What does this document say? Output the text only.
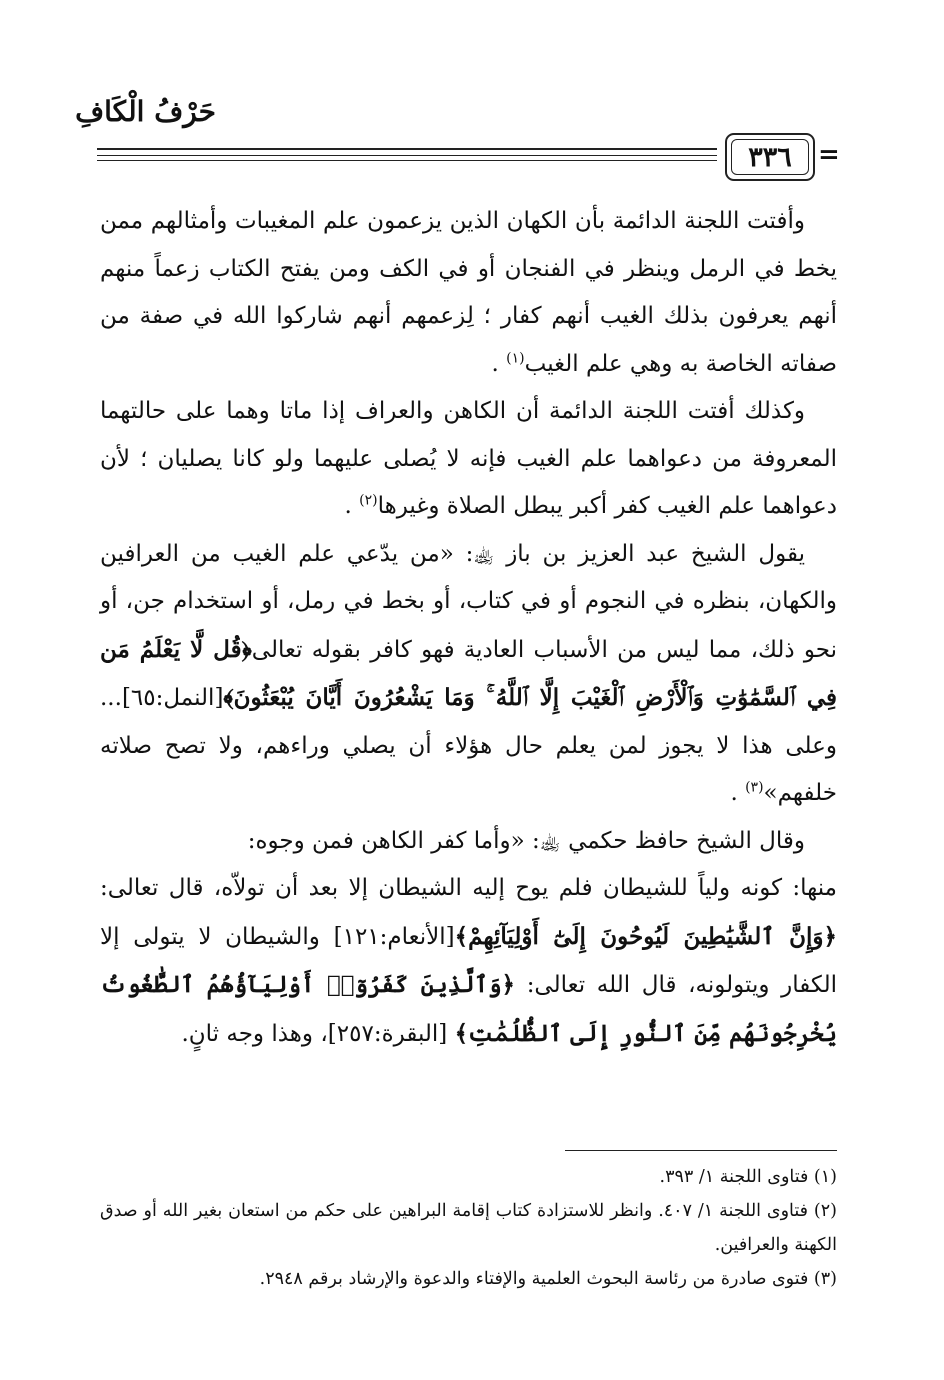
حَرْفُ الْكَافِ
٣٣٦ =

وأفتت اللجنة الدائمة بأن الكهان الذين يزعمون علم المغيبات وأمثالهم ممن يخط في الرمل وينظر في الفنجان أو في الكف ومن يفتح الكتاب زعماً منهم أنهم يعرفون بذلك الغيب أنهم كفار ؛ لِزعمهم أنهم شاركوا الله في صفة من صفاته الخاصة به وهي علم الغيب$^{(١)}$ .

وكذلك أفتت اللجنة الدائمة أن الكاهن والعراف إذا ماتا وهما على حالتهما المعروفة من دعواهما علم الغيب فإنه لا يُصلى عليهما ولو كانا يصليان ؛ لأن دعواهما علم الغيب كفر أكبر يبطل الصلاة وغيرها$^{(٢)}$ .

يقول الشيخ عبد العزيز بن باز ﵀: «من يدّعي علم الغيب من العرافين والكهان، بنظره في النجوم أو في كتاب، أو بخط في رمل، أو استخدام جن، أو نحو ذلك، مما ليس من الأسباب العادية فهو كافر بقوله تعالى﴿قُل لَّا يَعْلَمُ مَن فِي ٱلسَّمَٰوَٰتِ وَٱلْأَرْضِ ٱلْغَيْبَ إِلَّا ٱللَّهُ ۚ وَمَا يَشْعُرُونَ أَيَّانَ يُبْعَثُونَ﴾[النمل:٦٥]... وعلى هذا لا يجوز لمن يعلم حال هؤلاء أن يصلي وراءهم، ولا تصح صلاته خلفهم»$^{(٣)}$ .

وقال الشيخ حافظ حكمي ﵀: «وأما كفر الكاهن فمن وجوه:

منها: كونه ولياً للشيطان فلم يوح إليه الشيطان إلا بعد أن تولاّه، قال تعالى: ﴿وَإِنَّ ٱلشَّيَٰطِينَ لَيُوحُونَ إِلَىٰٓ أَوْلِيَآئِهِمْ﴾[الأنعام:١٢١] والشيطان لا يتولى إلا الكفار ويتولونه، قال الله تعالى: ﴿وَٱلَّذِينَ كَفَرُوٓا۟ أَوْلِيَآؤُهُمُ ٱلطَّٰغُوتُ يُخْرِجُونَهُم مِّنَ ٱلنُّورِ إِلَى ٱلظُّلُمَٰتِ﴾ [البقرة:٢٥٧]، وهذا وجه ثانٍ.

(١) فتاوى اللجنة ١/ ٣٩٣.

(٢) فتاوى اللجنة ١/ ٤٠٧. وانظر للاستزادة كتاب إقامة البراهين على حكم من استعان بغير الله أو صدق الكهنة والعرافين.

(٣) فتوى صادرة من رئاسة البحوث العلمية والإفتاء والدعوة والإرشاد برقم ٢٩٤٨.
